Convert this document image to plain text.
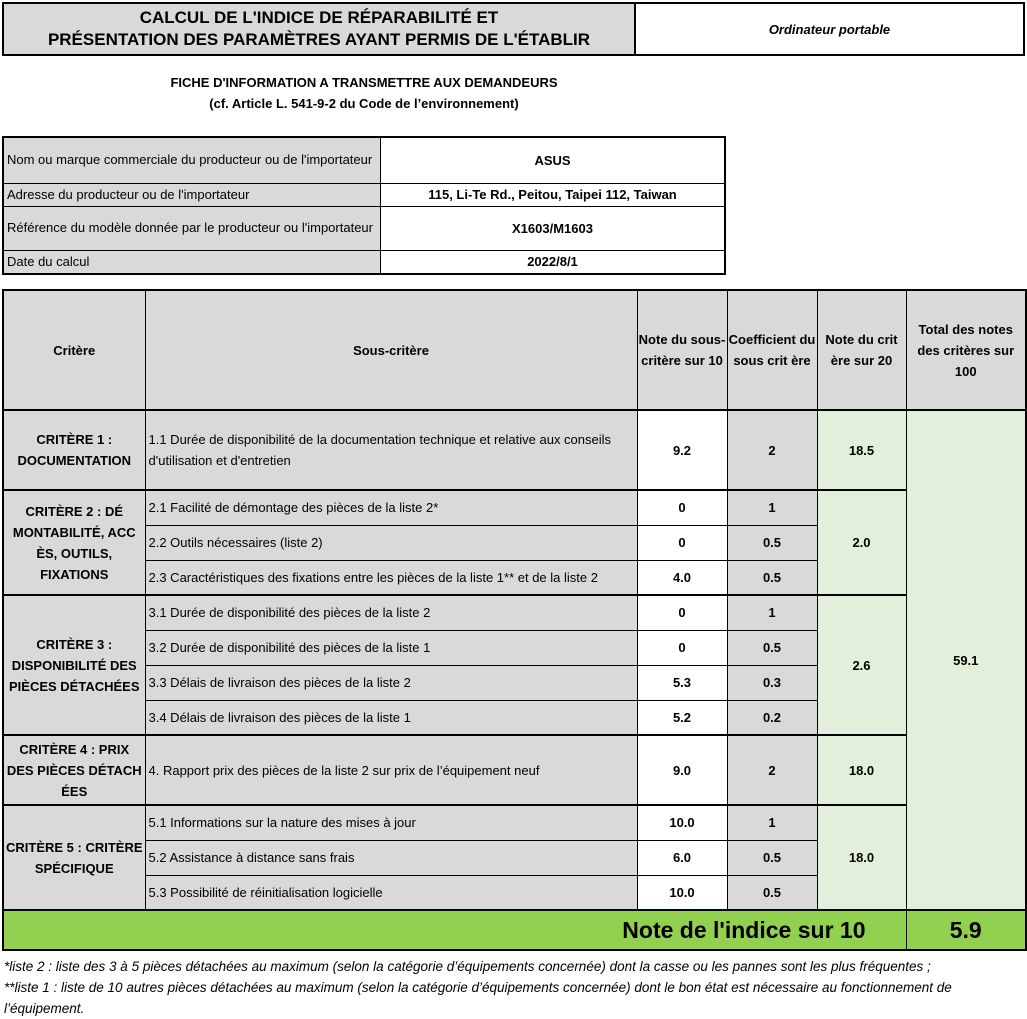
CALCUL DE L'INDICE DE RÉPARABILITÉ ET
PRÉSENTATION DES PARAMÈTRES AYANT PERMIS DE L'ÉTABLIR
Ordinateur portable
FICHE D'INFORMATION A TRANSMETTRE AUX DEMANDEURS
(cf. Article L. 541-9-2 du Code de l’environnement)
Nom ou marque commerciale du producteur ou de l'importateur	ASUS
Adresse du producteur ou de l'importateur	115, Li-Te Rd., Peitou, Taipei 112, Taiwan
Référence du modèle donnée par le producteur ou l'importateur	X1603/M1603
Date du calcul	2022/8/1
Critère	Sous-critère	Note du sous-critère sur 10	Coefficient du sous crit ère	Note du crit ère sur 20	Total des notes des critères sur 100
CRITÈRE 1 : DOCUMENTATION	1.1 Durée de disponibilité de la documentation technique et relative aux conseils d'utilisation et d'entretien	9.2	2	18.5	59.1
CRITÈRE 2 : DÉ MONTABILITÉ, ACC ÈS, OUTILS, FIXATIONS	2.1 Facilité de démontage des pièces de la liste 2*	0	1	2.0	
	2.2 Outils nécessaires (liste 2)	0	0.5		
	2.3 Caractéristiques des fixations entre les pièces de la liste 1** et de la liste 2	4.0	0.5		
CRITÈRE 3 : DISPONIBILITÉ DES PIÈCES DÉTACHÉES	3.1 Durée de disponibilité des pièces de la liste 2	0	1	2.6	
	3.2 Durée de disponibilité des pièces de la liste 1	0	0.5		
	3.3 Délais de livraison des pièces de la liste 2	5.3	0.3		
	3.4 Délais de livraison des pièces de la liste 1	5.2	0.2		
CRITÈRE 4 : PRIX DES PIÈCES DÉTACH ÉES	4. Rapport prix des pièces de la liste 2 sur prix de l’équipement neuf	9.0	2	18.0	
CRITÈRE 5 : CRITÈRE SPÉCIFIQUE	5.1 Informations sur la nature des mises à jour	10.0	1	18.0	
	5.2 Assistance à distance sans frais	6.0	0.5		
	5.3 Possibilité de réinitialisation logicielle	10.0	0.5		
Note de l'indice sur 10					5.9
*liste 2 : liste des 3 à 5 pièces détachées au maximum (selon la catégorie d’équipements concernée) dont la casse ou les pannes sont les plus fréquentes ;
**liste 1 : liste de 10 autres pièces détachées au maximum (selon la catégorie d’équipements concernée) dont le bon état est nécessaire au fonctionnement de l’équipement.
